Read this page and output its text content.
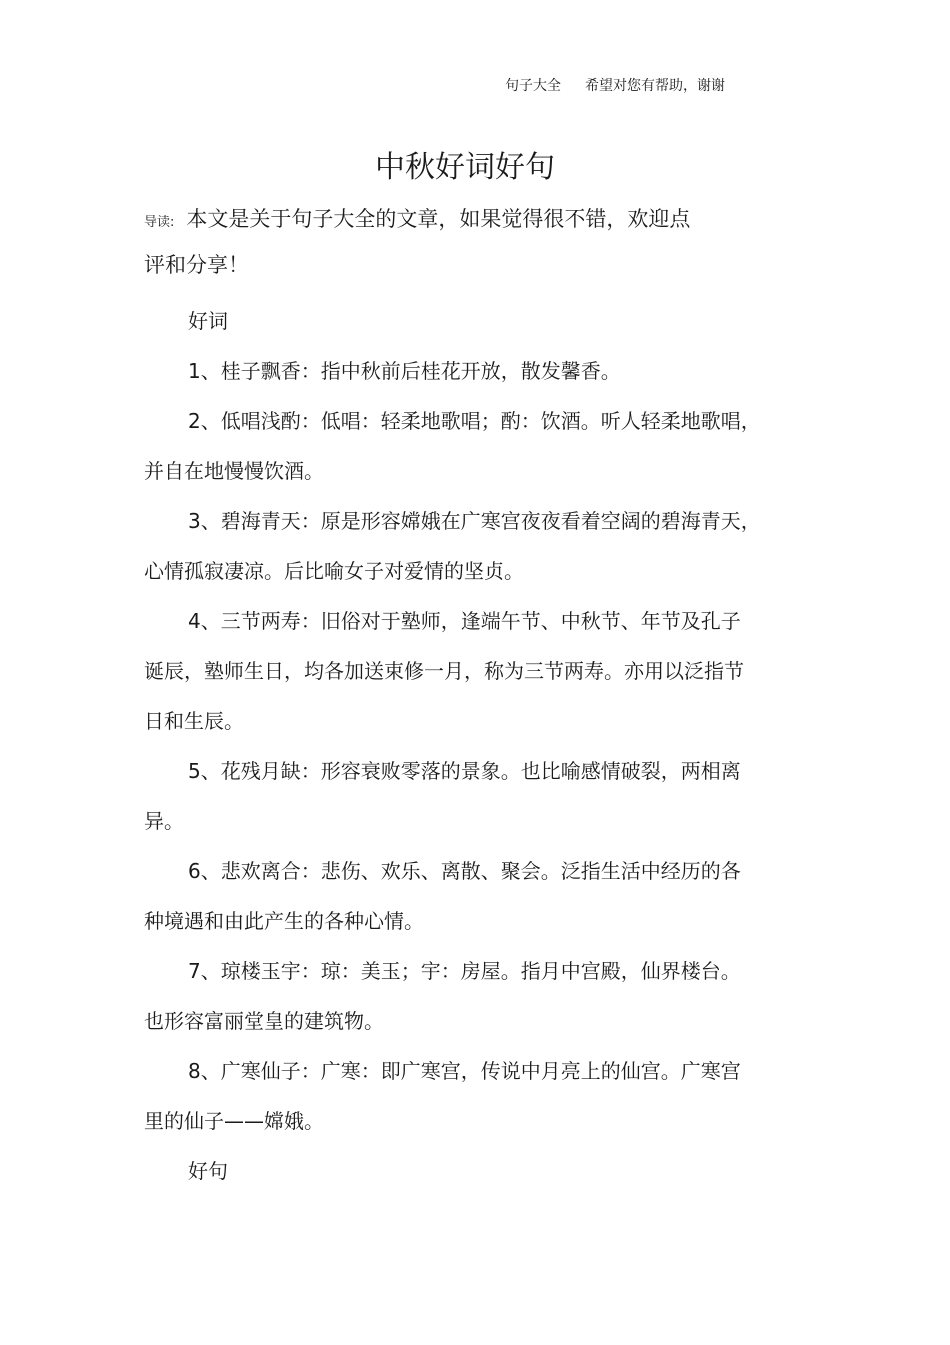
句子大全 希望对您有帮助，谢谢
中秋好词好句
导读: 本文是关于句子大全的文章，如果觉得很不错，欢迎点
评和分享！
好词
1、桂子飘香：指中秋前后桂花开放，散发馨香。
2、低唱浅酌：低唱：轻柔地歌唱；酌：饮酒。听人轻柔地歌唱，
并自在地慢慢饮酒。
3、碧海青天：原是形容嫦娥在广寒宫夜夜看着空阔的碧海青天，
心情孤寂凄凉。后比喻女子对爱情的坚贞。
4、三节两寿：旧俗对于塾师，逢端午节、中秋节、年节及孔子
诞辰，塾师生日，均各加送束修一月，称为三节两寿。亦用以泛指节
日和生辰。
5、花残月缺：形容衰败零落的景象。也比喻感情破裂，两相离
异。
6、悲欢离合：悲伤、欢乐、离散、聚会。泛指生活中经历的各
种境遇和由此产生的各种心情。
7、琼楼玉宇：琼：美玉；宇：房屋。指月中宫殿，仙界楼台。
也形容富丽堂皇的建筑物。
8、广寒仙子：广寒：即广寒宫，传说中月亮上的仙宫。广寒宫
里的仙子——嫦娥。
好句
